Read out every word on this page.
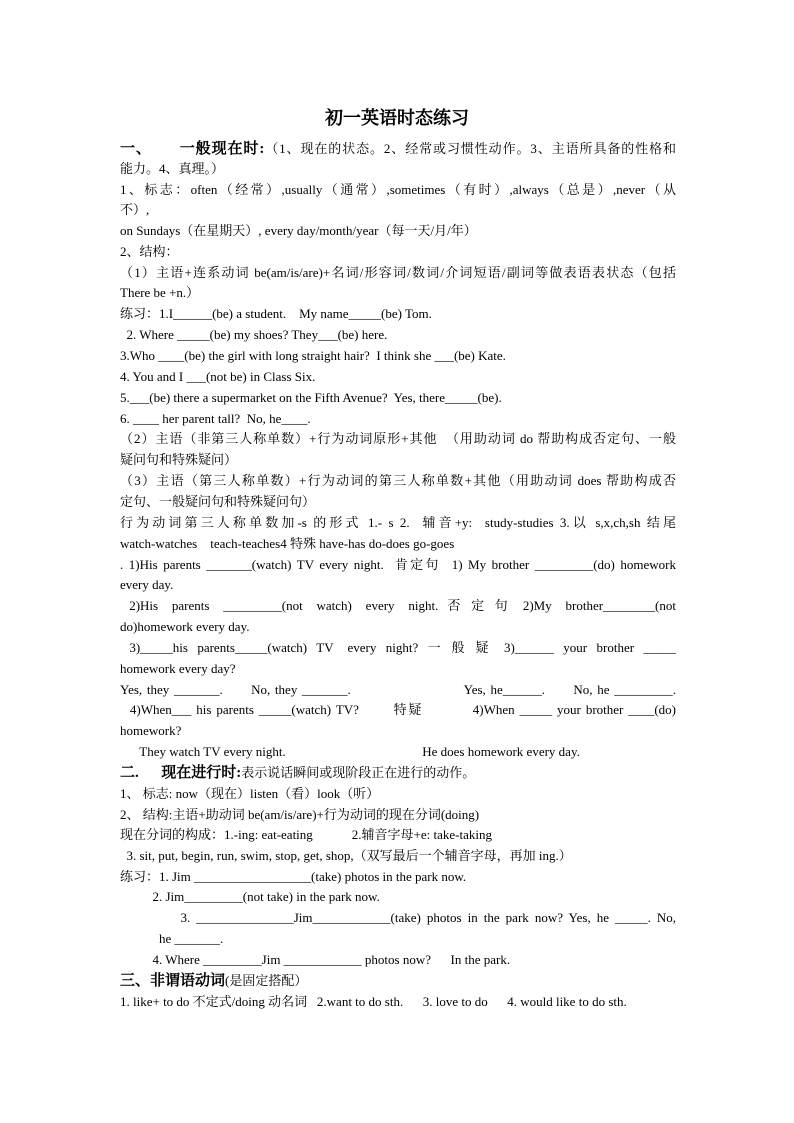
初一英语时态练习
一、      一般现在时:（1、现在的状态。2、经常或习惯性动作。3、主语所具备的性格和
能力。4、真理。）
1、标志：often（经常）,usually（通常）,sometimes（有时）,always（总是）,never（从
不）,
on Sundays（在星期天）, every day/month/year（每一天/月/年）
2、结构：
（1）主语+连系动词 be(am/is/are)+名词/形容词/数词/介词短语/副词等做表语表状态（包括
There be +n.）
练习：1.I______(be) a student.    My name_____(be) Tom.
2. Where _____(be) my shoes? They___(be) here.
3.Who ____(be) the girl with long straight hair?  I think she ___(be) Kate.
4. You and I ___(not be) in Class Six.
5.___(be) there a supermarket on the Fifth Avenue?  Yes, there_____(be).
6. ____ her parent tall?  No, he____.
（2）主语（非第三人称单数）+行为动词原形+其他  （用助动词 do 帮助构成否定句、一般
疑问句和特殊疑问）
（3）主语（第三人称单数）+行为动词的第三人称单数+其他（用助动词 does 帮助构成否
定句、一般疑问句和特殊疑问句）
行为动词第三人称单数加-s 的形式 1.- s 2.  辅音+y:  study-studies 3.以 s,x,ch,sh 结尾
watch-watches    teach-teaches4 特殊 have-has do-does go-goes
. 1)His parents _______(watch) TV every night.  肯定句  1) My brother _________(do) homework
every day.
2)His   parents   _________(not   watch)   every   night.  否  定  句   2)My   brother________(not
do)homework every day.
3)_____his  parents_____(watch)  TV   every  night?  一  般  疑   3)______  your  brother  _____
homework every day?
Yes, they _______.      No, they _______.                        Yes, he______.      No, he _________.
4)When___ his parents _____(watch) TV?       特疑          4)When _____ your brother ____(do)
homework?
They watch TV every night.                                          He does homework every day.
二.      现在进行时:表示说话瞬间或现阶段正在进行的动作。
1、 标志: now（现在）listen（看）look（听）
2、 结构:主语+助动词 be(am/is/are)+行为动词的现在分词(doing)
现在分词的构成：1.-ing: eat-eating            2.辅音字母+e: take-taking
3. sit, put, begin, run, swim, stop, get, shop,（双写最后一个辅音字母，再加 ing.）
练习：1. Jim __________________(take) photos in the park now.
2. Jim_________(not take) in the park now.
3. _______________Jim____________(take) photos in the park now? Yes, he _____. No,
he _______.
4. Where _________Jim ____________ photos now?      In the park.
三、非谓语动词(是固定搭配）
1. like+ to do 不定式/doing 动名词   2.want to do sth.      3. love to do      4. would like to do sth.
